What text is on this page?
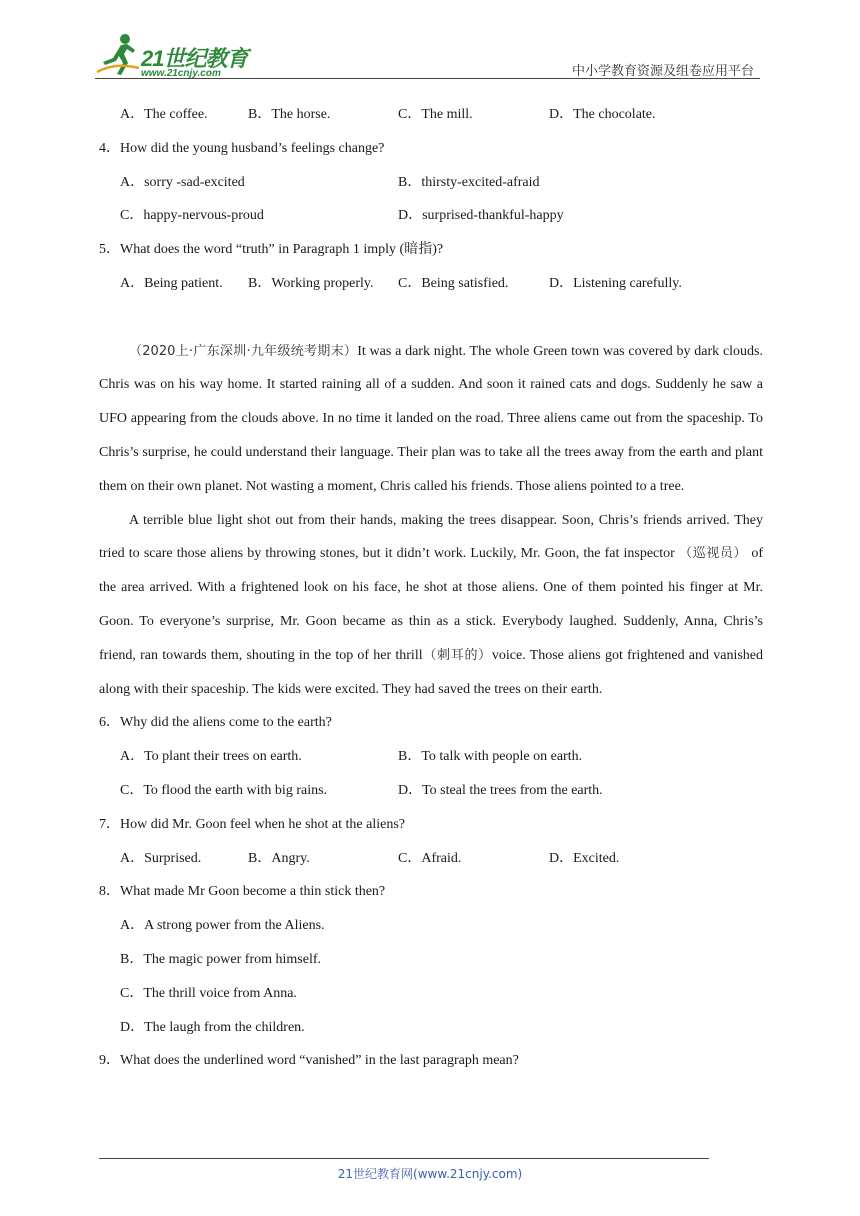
21世纪教育
www.21cnjy.com	中小学教育资源及组卷应用平台
A．The coffee.	B．The horse.	C．The mill.	D．The chocolate.
4．How did the young husband’s feelings change?
A．sorry -sad-excited	B．thirsty-excited-afraid
C．happy-nervous-proud	D．surprised-thankful-happy
5．What does the word “truth” in Paragraph 1 imply (暗指)?
A．Being patient. B．Working properly. C．Being satisfied.	D．Listening carefully.

（2020上·广东深圳·九年级统考期末）It was a dark night. The whole Green town was covered by dark clouds. Chris was on his way home. It started raining all of a sudden. And soon it rained cats and dogs. Suddenly he saw a UFO appearing from the clouds above. In no time it landed on the road. Three aliens came out from the spaceship. To Chris’s surprise, he could understand their language. Their plan was to take all the trees away from the earth and plant them on their own planet. Not wasting a moment, Chris called his friends. Those aliens pointed to a tree.

A terrible blue light shot out from their hands, making the trees disappear. Soon, Chris’s friends arrived. They tried to scare those aliens by throwing stones, but it didn’t work. Luckily, Mr. Goon, the fat inspector （巡视员） of the area arrived. With a frightened look on his face, he shot at those aliens. One of them pointed his finger at Mr. Goon. To everyone’s surprise, Mr. Goon became as thin as a stick. Everybody laughed. Suddenly, Anna, Chris’s friend, ran towards them, shouting in the top of her thrill（刺耳的）voice. Those aliens got frightened and vanished along with their spaceship. The kids were excited. They had saved the trees on their earth.

6．Why did the aliens come to the earth?
A．To plant their trees on earth.	B．To talk with people on earth.
C．To flood the earth with big rains.	D．To steal the trees from the earth.
7．How did Mr. Goon feel when he shot at the aliens?
A．Surprised.	B．Angry.	C．Afraid.	D．Excited.
8．What made Mr Goon become a thin stick then?
A．A strong power from the Aliens.
B．The magic power from himself.
C．The thrill voice from Anna.
D．The laugh from the children.
9．What does the underlined word “vanished” in the last paragraph mean?
21世纪教育网(www.21cnjy.com)
